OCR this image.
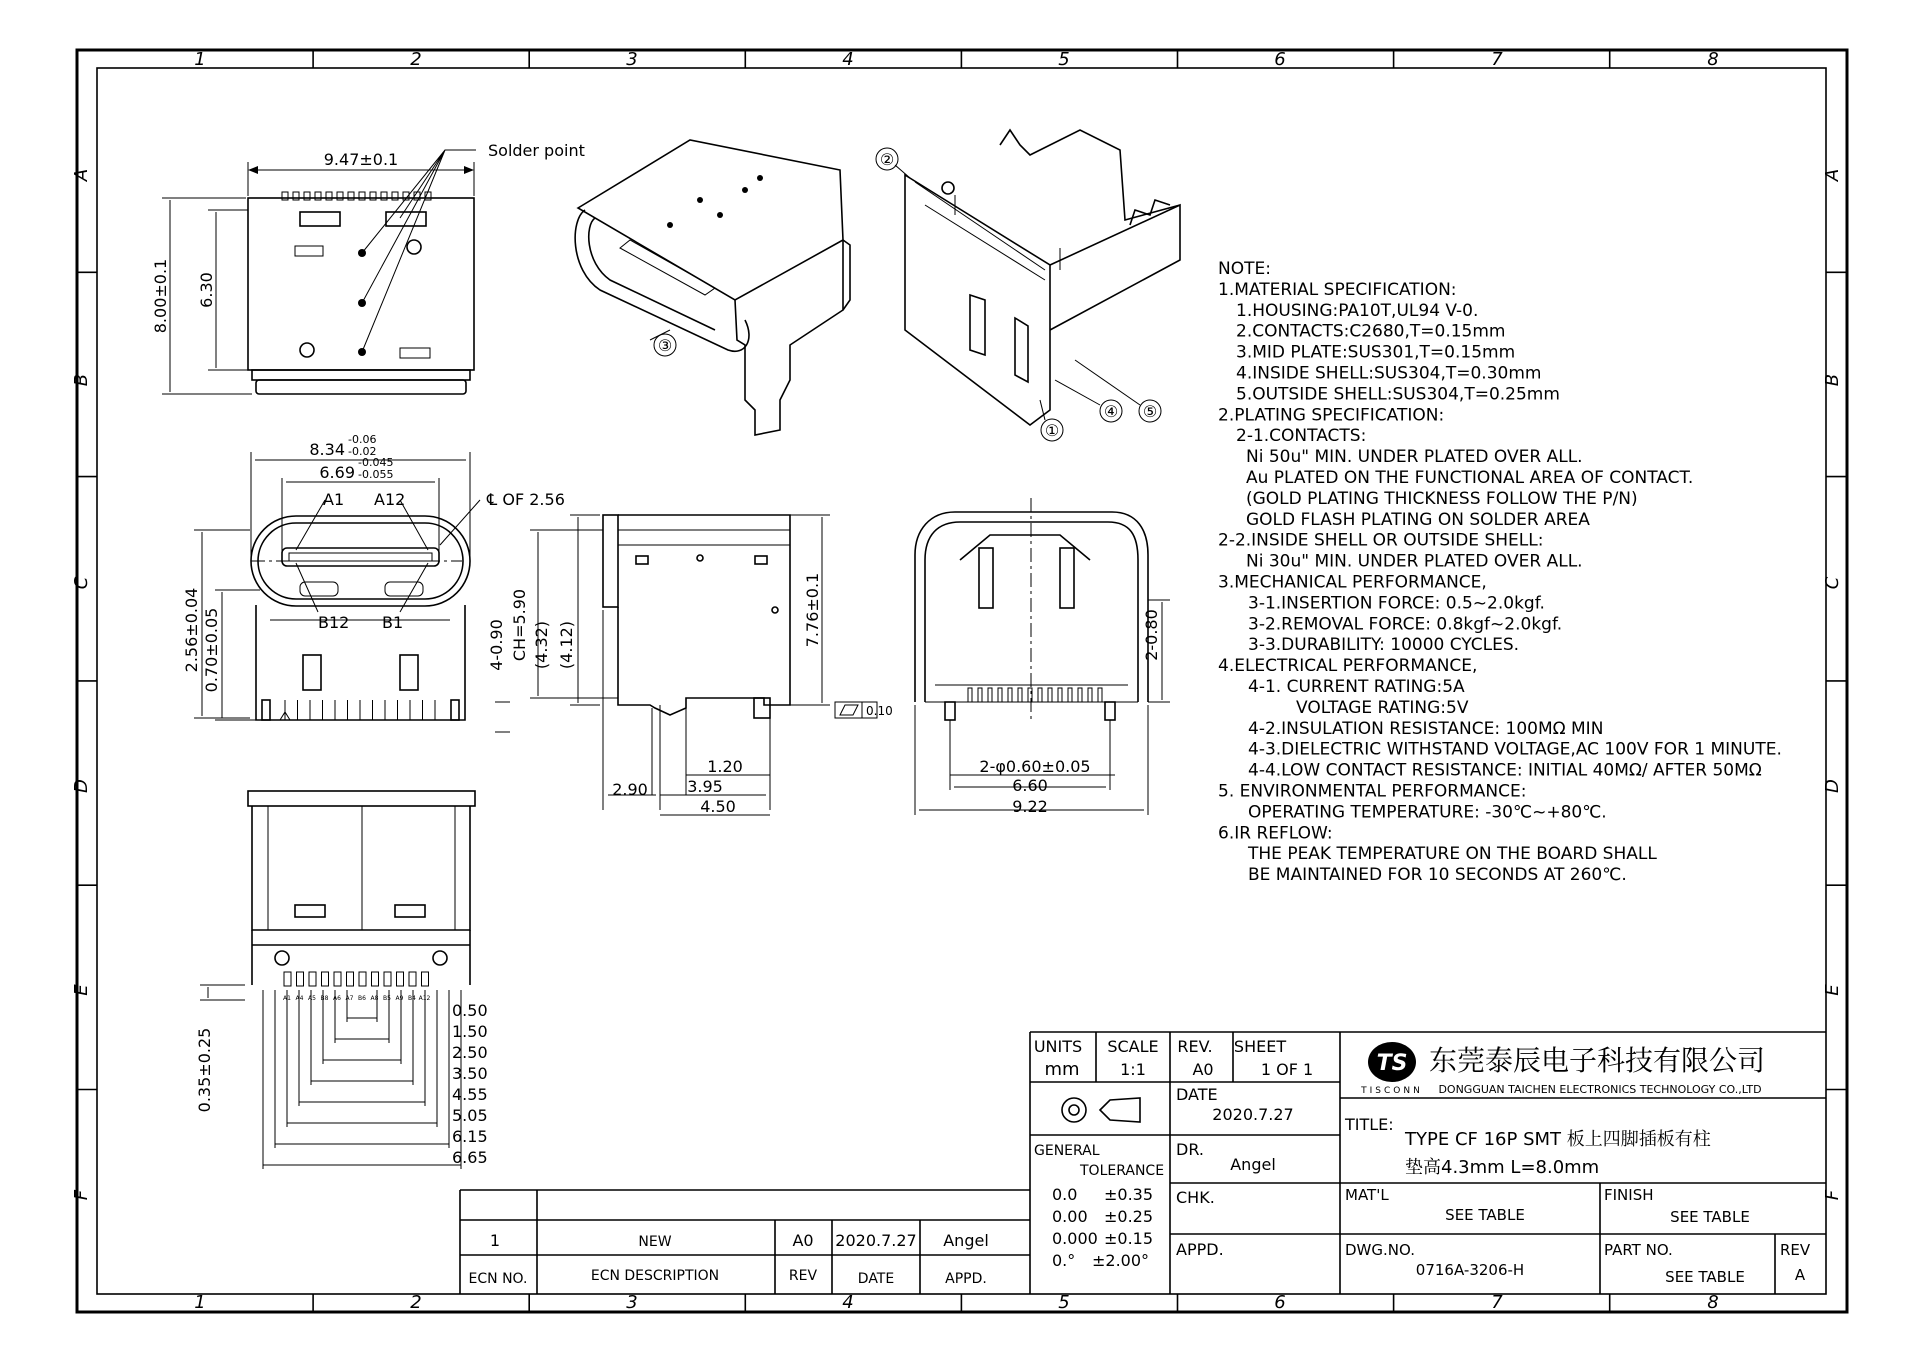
1	2	3	4	5	6	7	8
1	2	3	4	5	6	7	8
A
B
C
D
E
F
A
B
C
D
E
F
Solder point
9.47±0.1
8.00±0.1 6.30
③
②
①
④ ⑤
8.34
-0.06
-0.02
6.69
-0.045
-0.055
℄ OF 2.56
A1 A12
B12 B1
2.56±0.04 0.70±0.05	7.76±0.1
CH=5.90
4-0.90 (4.32) (4.12)
0.10
1.20
2.90 3.95
4.50
2-0.80
2-φ0.60±0.05
6.60
9.22
A1 A4 A5 B8 A6 A7 B6 A8 B5 A9 B4 A12
0.35±0.25
0.50
1.50
2.50
3.50
4.55
5.05
6.15
6.65
NOTE:
1.MATERIAL SPECIFICATION:
1.HOUSING:PA10T,UL94 V-0.
2.CONTACTS:C2680,T=0.15mm
3.MID PLATE:SUS301,T=0.15mm
4.INSIDE SHELL:SUS304,T=0.30mm
5.OUTSIDE SHELL:SUS304,T=0.25mm
2.PLATING SPECIFICATION:
2-1.CONTACTS:
Ni 50u" MIN. UNDER PLATED OVER ALL.
Au PLATED ON THE FUNCTIONAL AREA OF CONTACT.
(GOLD PLATING THICKNESS FOLLOW THE P/N)
GOLD FLASH PLATING ON SOLDER AREA
2-2.INSIDE SHELL OR OUTSIDE SHELL:
Ni 30u" MIN. UNDER PLATED OVER ALL.
3.MECHANICAL PERFORMANCE,
3-1.INSERTION FORCE: 0.5~2.0kgf.
3-2.REMOVAL FORCE: 0.8kgf~2.0kgf.
3-3.DURABILITY: 10000 CYCLES.
4.ELECTRICAL PERFORMANCE,
4-1. CURRENT RATING:5A
VOLTAGE RATING:5V
4-2.INSULATION RESISTANCE: 100MΩ MIN
4-3.DIELECTRIC WITHSTAND VOLTAGE,AC 100V FOR 1 MINUTE.
4-4.LOW CONTACT RESISTANCE: INITIAL 40MΩ/ AFTER 50MΩ
5. ENVIRONMENTAL PERFORMANCE:
OPERATING TEMPERATURE: -30℃~+80℃.
6.IR REFLOW:
THE PEAK TEMPERATURE ON THE BOARD SHALL
BE MAINTAINED FOR 10 SECONDS AT 260℃.
1	NEW	A0 2020.7.27 Angel
ECN NO.	ECN DESCRIPTION	REV	DATE	APPD.
UNITS
mm
SCALE
1:1
REV.
A0
SHEET
1 OF 1
DATE
2020.7.27
DR.
Angel
GENERAL
TOLERANCE
0.0 ±0.35
0.00 ±0.25
0.000 ±0.15
0.° ±2.00°
CHK.
APPD.
TS
TISCONN
东莞泰辰电子科技有限公司
DONGGUAN TAICHEN ELECTRONICS TECHNOLOGY CO.,LTD
TITLE:
TYPE CF 16P SMT 板上四脚插板有柱
垫高4.3mm L=8.0mm
MAT'L
SEE TABLE
FINISH
SEE TABLE
DWG.NO.
0716A-3206-H
PART NO.
SEE TABLE
REV
A
